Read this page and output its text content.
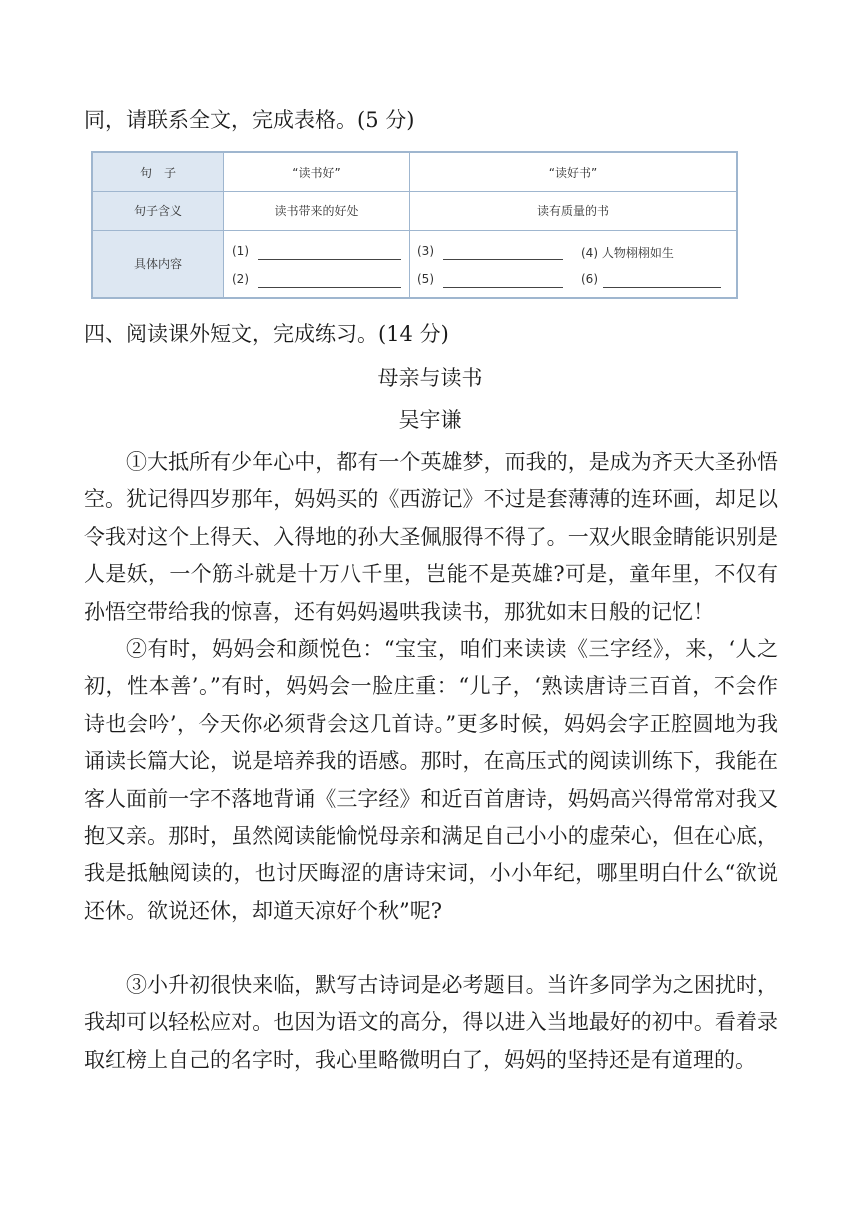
同，请联系全文，完成表格。(5 分)
句　子
句子含义
具体内容
“读书好”	“读好书”
读书带来的好处	读有质量的书
(1)
(2)
(3)
(5)
(4) 人物栩栩如生
(6)
四、阅读课外短文，完成练习。(14 分)
母亲与读书
吴宇谦
①大抵所有少年心中，都有一个英雄梦，而我的，是成为齐天大圣孙悟空。犹记得四岁那年，妈妈买的《西游记》不过是套薄薄的连环画，却足以令我对这个上得天、入得地的孙大圣佩服得不得了。一双火眼金睛能识别是人是妖，一个筋斗就是十万八千里，岂能不是英雄?可是，童年里，不仅有孙悟空带给我的惊喜，还有妈妈遏哄我读书，那犹如末日般的记忆！
②有时，妈妈会和颜悦色：“宝宝，咱们来读读《三字经》，来，‘人之初，性本善’。”有时，妈妈会一脸庄重：“儿子，‘熟读唐诗三百首，不会作诗也会吟’，今天你必须背会这几首诗。”更多时候，妈妈会字正腔圆地为我诵读长篇大论，说是培养我的语感。那时，在高压式的阅读训练下，我能在客人面前一字不落地背诵《三字经》和近百首唐诗，妈妈高兴得常常对我又抱又亲。那时，虽然阅读能愉悦母亲和满足自己小小的虚荣心，但在心底，我是抵触阅读的，也讨厌晦涩的唐诗宋词，小小年纪，哪里明白什么“欲说还休。欲说还休，却道天凉好个秋”呢?
③小升初很快来临，默写古诗词是必考题目。当许多同学为之困扰时，我却可以轻松应对。也因为语文的高分，得以进入当地最好的初中。看着录取红榜上自己的名字时，我心里略微明白了，妈妈的坚持还是有道理的。
